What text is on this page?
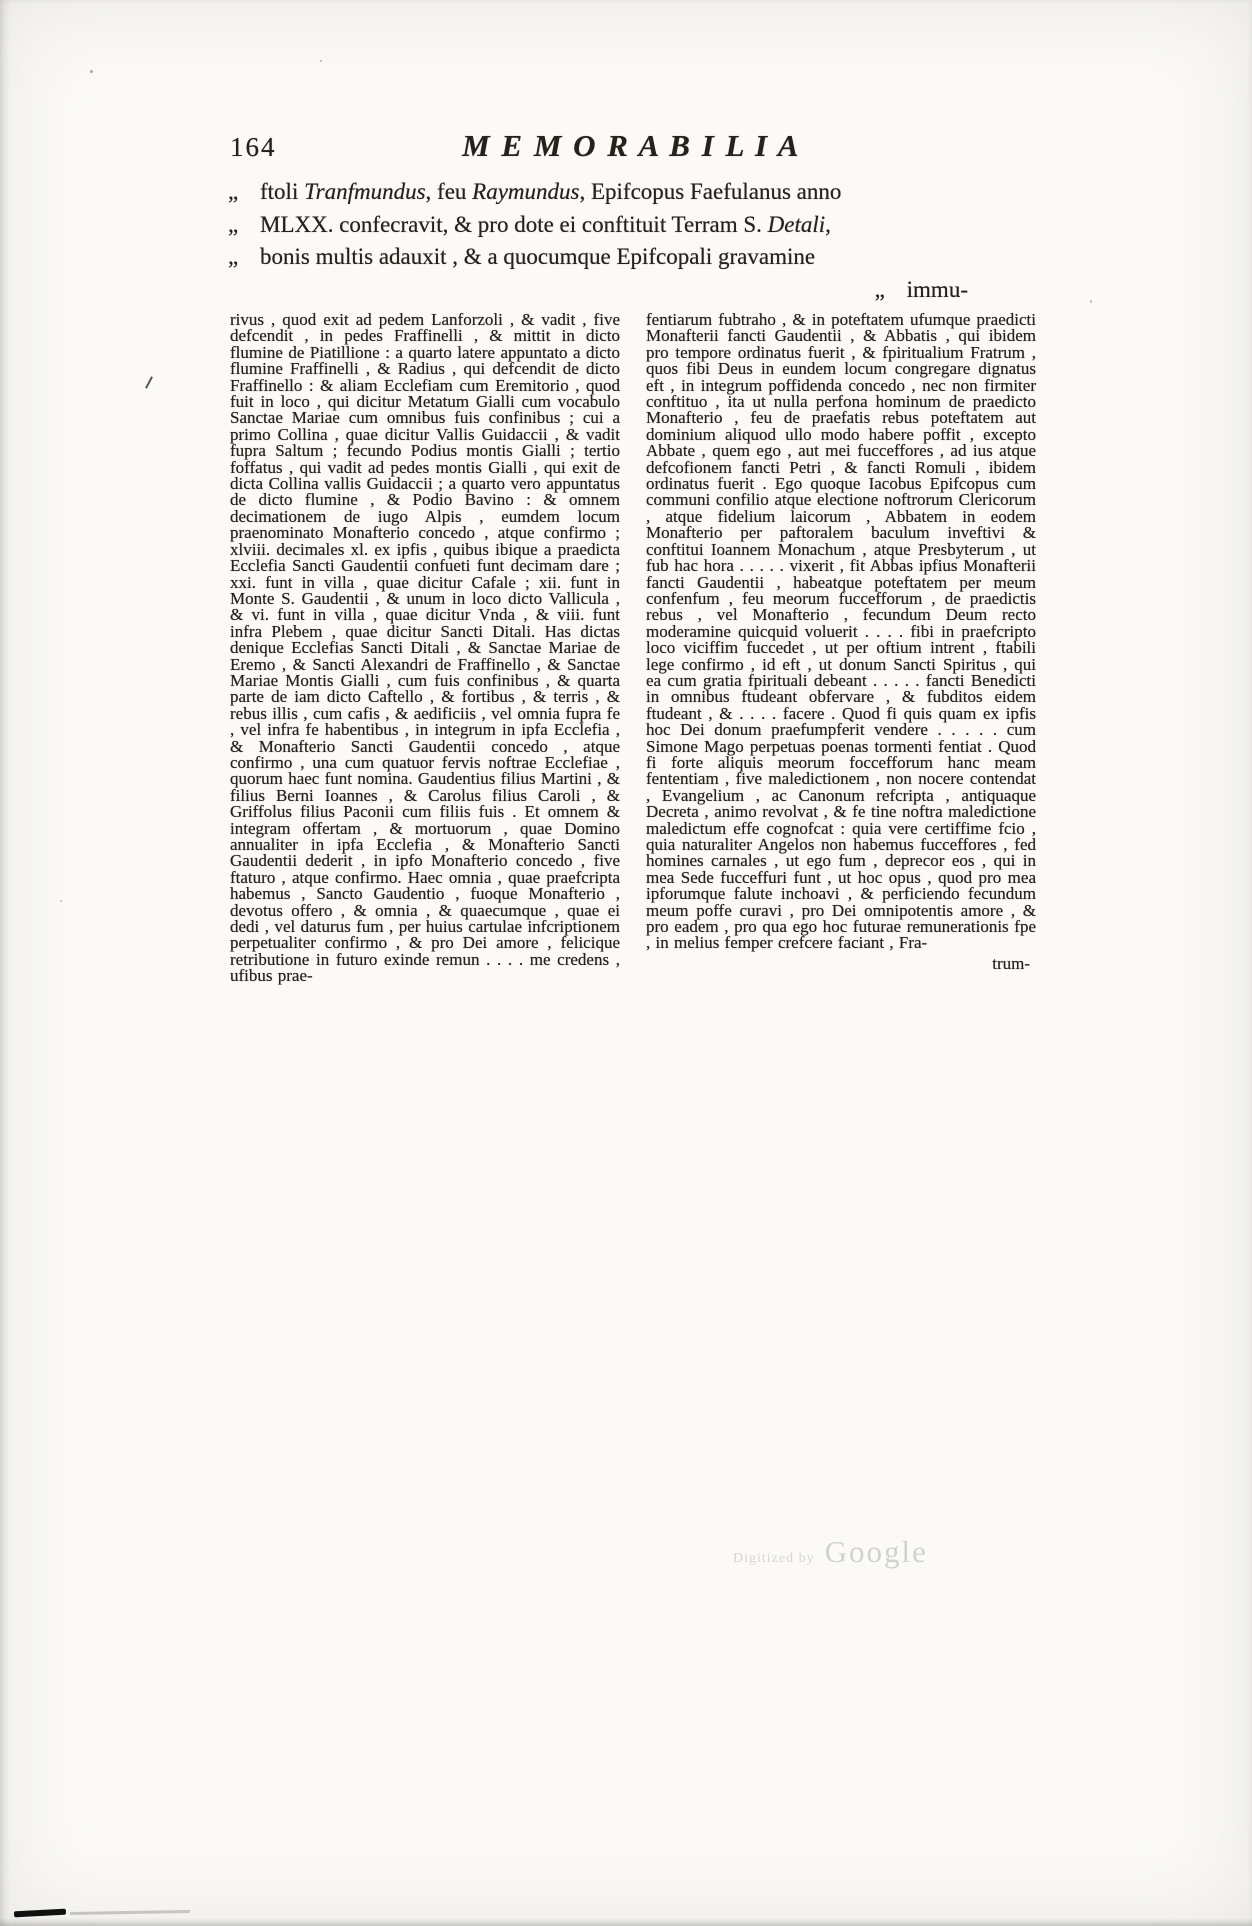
164	M E M O R A B I L I A
„ ftoli Tranfmundus, feu Raymundus, Epifcopus Faefulanus anno
„ MLXX. confecravit, & pro dote ei conftituit Terram S. Detali,
„ bonis multis adauxit , & a quocumque Epifcopali gravamine
„ immu-
rivus , quod exit ad pedem Lanforzoli , & vadit , five defcendit , in pedes Fraffinelli , & mittit in dicto flumine de Piatillione : a quarto latere appuntato a dicto flumine Fraffinelli , & Radius , qui defcendit de dicto Fraffinello : & aliam Ecclefiam cum Eremitorio , quod fuit in loco , qui dicitur Metatum Gialli cum vocabulo Sanctae Mariae cum omnibus fuis confinibus ; cui a primo Collina , quae dicitur Vallis Guidaccii , & vadit fupra Saltum ; fecundo Podius montis Gialli ; tertio foffatus , qui vadit ad pedes montis Gialli , qui exit de dicta Collina vallis Guidaccii ; a quarto vero appuntatus de dicto flumine , & Podio Bavino : & omnem decimationem de iugo Alpis , eumdem locum praenominato Monafterio concedo , atque confirmo ; xlviii. decimales xl. ex ipfis , quibus ibique a praedicta Ecclefia Sancti Gaudentii confueti funt decimam dare ; xxi. funt in villa , quae dicitur Cafale ; xii. funt in Monte S. Gaudentii , & unum in loco dicto Vallicula , & vi. funt in villa , quae dicitur Vnda , & viii. funt infra Plebem , quae dicitur Sancti Ditali. Has dictas denique Ecclefias Sancti Ditali , & Sanctae Mariae de Eremo , & Sancti Alexandri de Fraffinello , & Sanctae Mariae Montis Gialli , cum fuis confinibus , & quarta parte de iam dicto Caftello , & fortibus , & terris , & rebus illis , cum cafis , & aedificiis , vel omnia fupra fe , vel infra fe habentibus , in integrum in ipfa Ecclefia , & Monafterio Sancti Gaudentii concedo , atque confirmo , una cum quatuor fervis noftrae Ecclefiae , quorum haec funt nomina. Gaudentius filius Martini , & filius Berni Ioannes , & Carolus filius Caroli , & Griffolus filius Paconii cum filiis fuis . Et omnem & integram offertam , & mortuorum , quae Domino annualiter in ipfa Ecclefia , & Monafterio Sancti Gaudentii dederit , in ipfo Monafterio concedo , five ftaturo , atque confirmo. Haec omnia , quae praefcripta habemus , Sancto Gaudentio , fuoque Monafterio , devotus offero , & omnia , & quaecumque , quae ei dedi , vel daturus fum , per huius cartulae infcriptionem perpetualiter confirmo , & pro Dei amore , felicique retributione in futuro exinde remun . . . . me credens , ufibus prae-
fentiarum fubtraho , & in poteftatem ufumque praedicti Monafterii fancti Gaudentii , & Abbatis , qui ibidem pro tempore ordinatus fuerit , & fpiritualium Fratrum , quos fibi Deus in eundem locum congregare dignatus eft , in integrum poffidenda concedo , nec non firmiter conftituo , ita ut nulla perfona hominum de praedicto Monafterio , feu de praefatis rebus poteftatem aut dominium aliquod ullo modo habere poffit , excepto Abbate , quem ego , aut mei fucceffores , ad ius atque defcofionem fancti Petri , & fancti Romuli , ibidem ordinatus fuerit . Ego quoque Iacobus Epifcopus cum communi confilio atque electione noftrorum Clericorum , atque fidelium laicorum , Abbatem in eodem Monafterio per paftoralem baculum inveftivi & conftitui Ioannem Monachum , atque Presbyterum , ut fub hac hora . . . . . vixerit , fit Abbas ipfius Monafterii fancti Gaudentii , habeatque poteftatem per meum confenfum , feu meorum fuccefforum , de praedictis rebus , vel Monafterio , fecundum Deum recto moderamine quicquid voluerit . . . . fibi in praefcripto loco viciffim fuccedet , ut per oftium intrent , ftabili lege confirmo , id eft , ut donum Sancti Spiritus , qui ea cum gratia fpirituali debeant . . . . . fancti Benedicti in omnibus ftudeant obfervare , & fubditos eidem ftudeant , & . . . . facere . Quod fi quis quam ex ipfis hoc Dei donum praefumpferit vendere . . . . . cum Simone Mago perpetuas poenas tormenti fentiat . Quod fi forte aliquis meorum foccefforum hanc meam fententiam , five maledictionem , non nocere contendat , Evangelium , ac Canonum refcripta , antiquaque Decreta , animo revolvat , & fe tine noftra maledictione maledictum effe cognofcat : quia vere certiffime fcio , quia naturaliter Angelos non habemus fucceffores , fed homines carnales , ut ego fum , deprecor eos , qui in mea Sede fucceffuri funt , ut hoc opus , quod pro mea ipforumque falute inchoavi , & perficiendo fecundum meum poffe curavi , pro Dei omnipotentis amore , & pro eadem , pro qua ego hoc futurae remunerationis fpe , in melius femper crefcere faciant , Fra-
trum-
Digitized by Google
